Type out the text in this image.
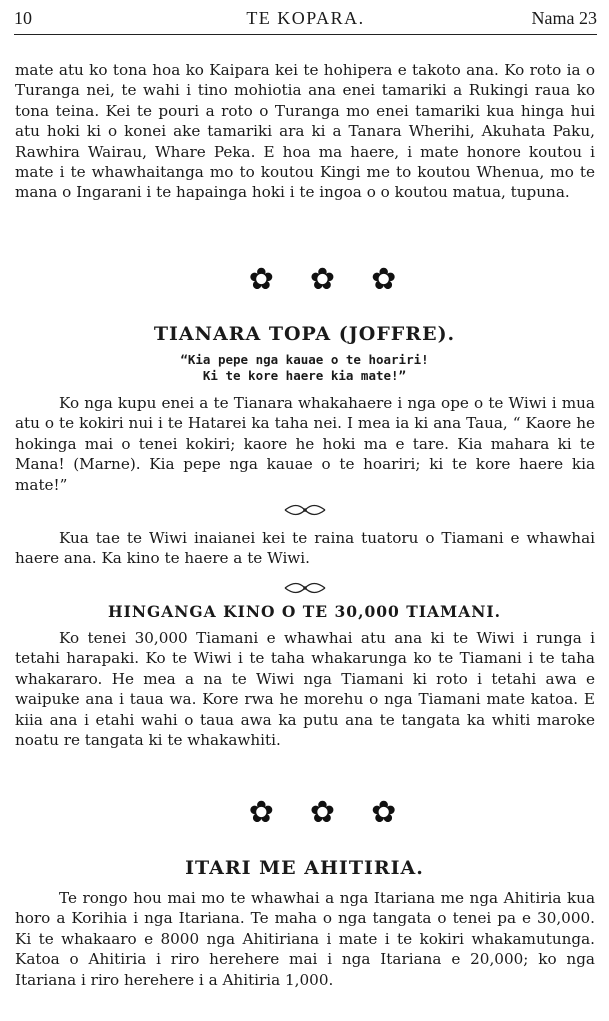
10	TE KOPARA.	Nama 23

mate atu ko tona hoa ko Kaipara kei te hohipera e takoto ana. Ko roto ia o Turanga nei, te wahi i tino mohiotia ana enei tamariki a Rukingi raua ko tona teina. Kei te pouri a roto o Turanga mo enei tamariki kua hinga hui atu hoki ki o konei ake tamariki ara ki a Tanara Wherihi, Akuhata Paku, Rawhira Wairau, Whare Peka. E hoa ma haere, i mate honore koutou i mate i te whawhaitanga mo to koutou Kingi me to koutou Whenua, mo te mana o Ingarani i te hapainga hoki i te ingoa o o koutou matua, tupuna.

✿✿✿
TIANARA TOPA (JOFFRE).
“Kia pepe nga kauae o te hoariri!
Ki te kore haere kia mate!”

Ko nga kupu enei a te Tianara whakahaere i nga ope o te Wiwi i mua atu o te kokiri nui i te Hatarei ka taha nei. I mea ia ki ana Taua, “ Kaore he hokinga mai o tenei kokiri; kaore he hoki ma e tare. Kia mahara ki te Mana! (Marne). Kia pepe nga kauae o te hoariri; ki te kore haere kia mate!”

Kua tae te Wiwi inaianei kei te raina tuatoru o Tiamani e whawhai haere ana. Ka kino te haere a te Wiwi.

HINGANGA KINO O TE 30,000 TIAMANI.

Ko tenei 30,000 Tiamani e whawhai atu ana ki te Wiwi i runga i tetahi harapaki. Ko te Wiwi i te taha whakarunga ko te Tiamani i te taha whakararo. He mea a na te Wiwi nga Tiamani ki roto i tetahi awa e waipuke ana i taua wa. Kore rwa he morehu o nga Tiamani mate katoa. E kiia ana i etahi wahi o taua awa ka putu ana te tangata ka whiti maroke noatu re tangata ki te whakawhiti.

✿✿✿
ITARI ME AHITIRIA.

Te rongo hou mai mo te whawhai a nga Itariana me nga Ahitiria kua horo a Korihia i nga Itariana. Te maha o nga tangata o tenei pa e 30,000. Ki te whakaaro e 8000 nga Ahitiriana i mate i te kokiri whakamutunga. Katoa o Ahitiria i riro herehere mai i nga Itariana e 20,000; ko nga Itariana i riro herehere i a Ahitiria 1,000.
